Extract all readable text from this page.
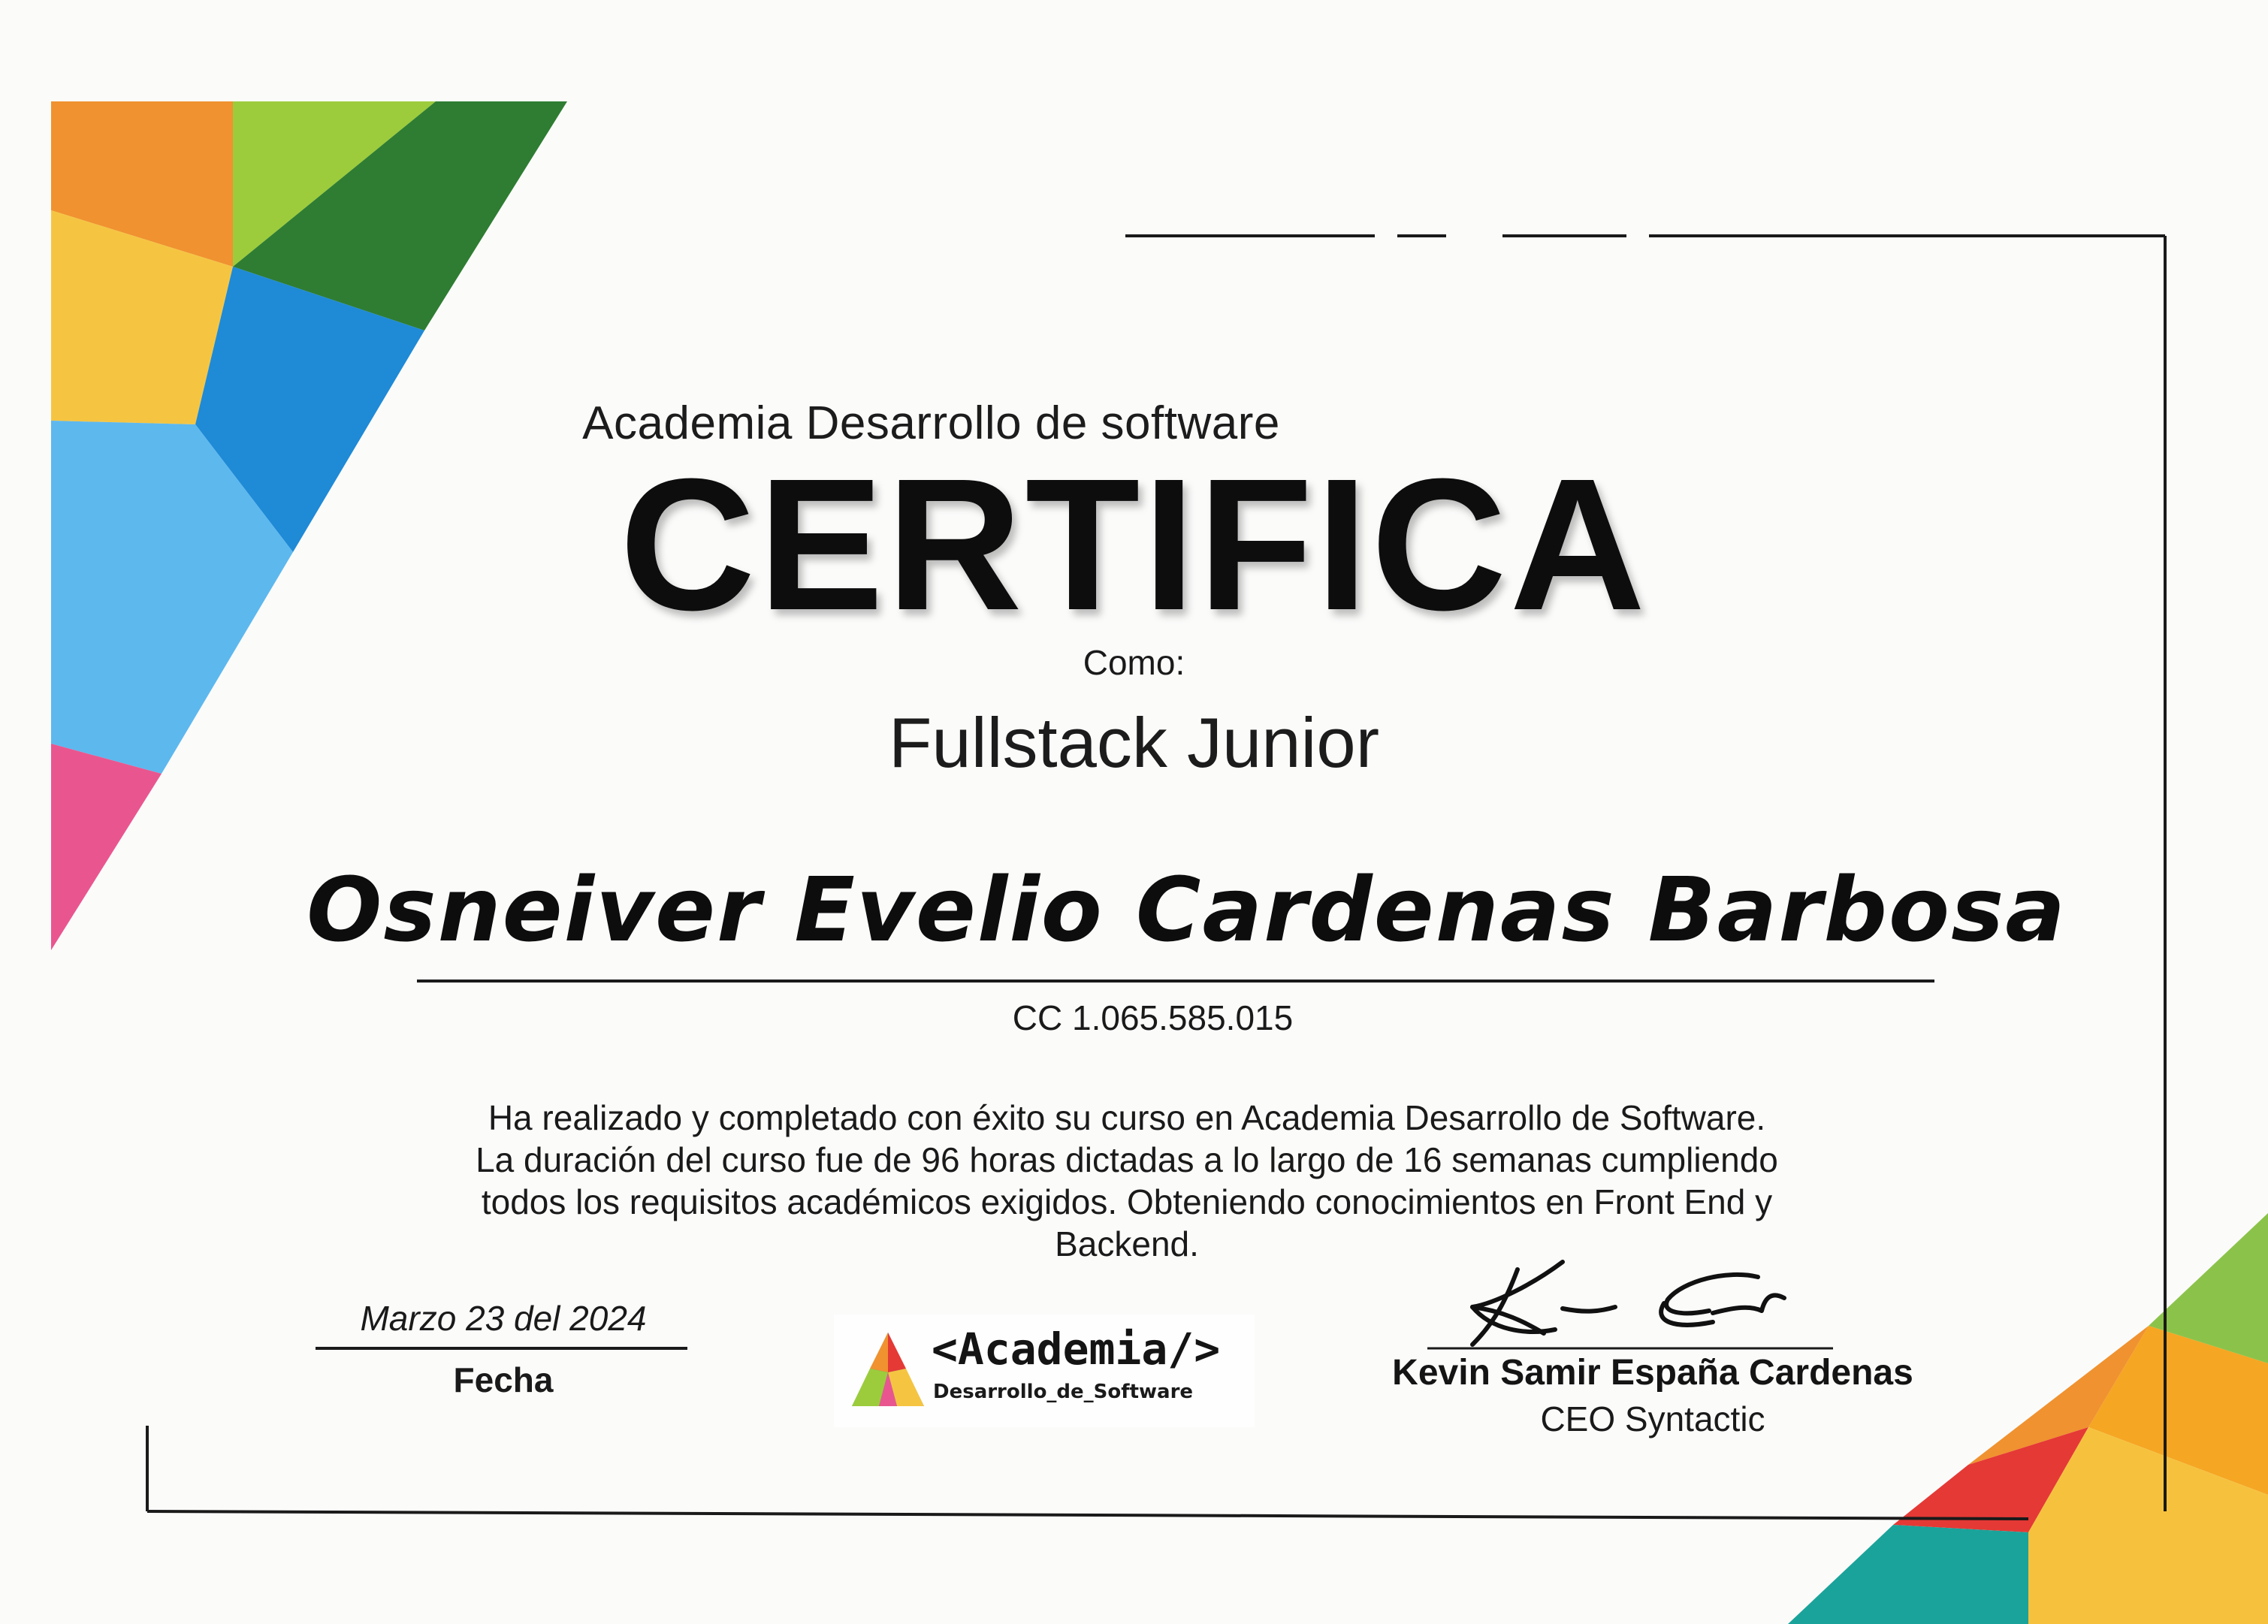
Academia Desarrollo de software
CERTIFICA
Como:
Fullstack Junior
Osneiver Evelio Cardenas Barbosa
CC 1.065.585.015
Ha realizado y completado con éxito su curso en Academia Desarrollo de Software.
La duración del curso fue de 96 horas dictadas a lo largo de 16 semanas cumpliendo
todos los requisitos académicos exigidos. Obteniendo conocimientos en Front End y
Backend.
Marzo 23 del 2024
Fecha
<Academia/>
Desarrollo_de_Software	Kevin Samir España Cardenas
CEO Syntactic
